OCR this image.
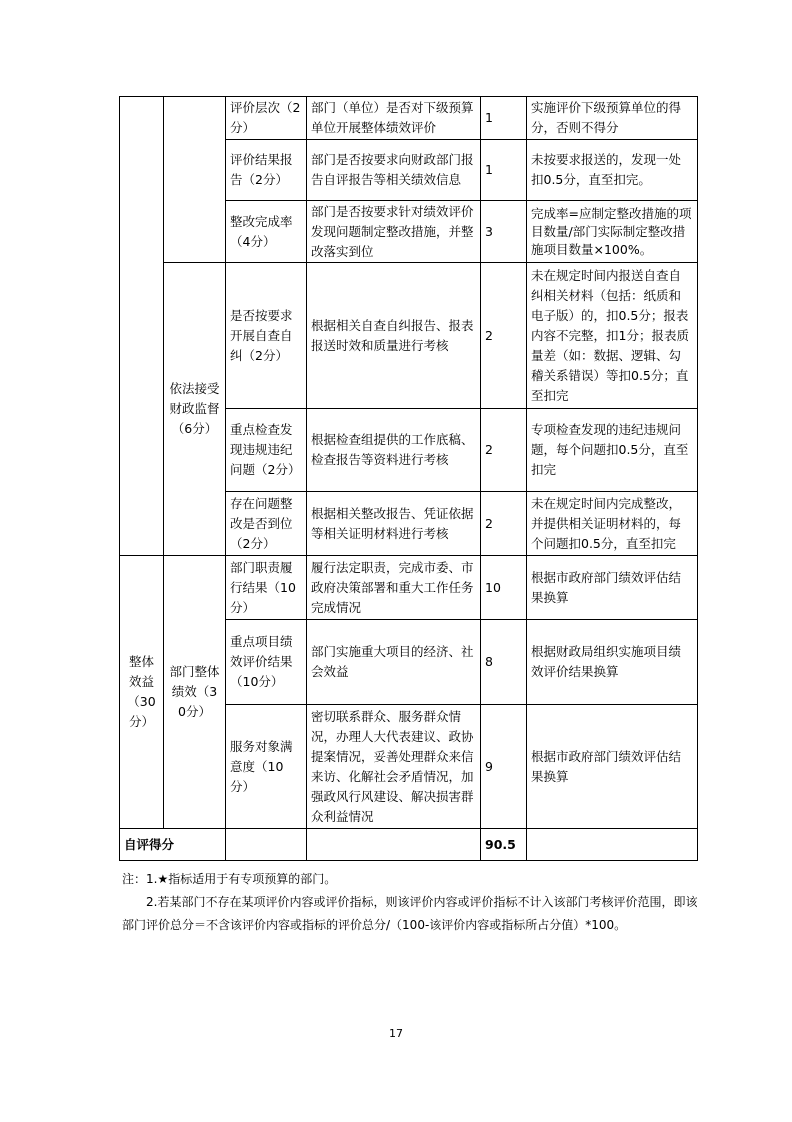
		评价层次（2分）	部门（单位）是否对下级预算单位开展整体绩效评价	1	实施评价下级预算单位的得分，否则不得分
		评价结果报告（2分）	部门是否按要求向财政部门报告自评报告等相关绩效信息	1	未按要求报送的，发现一处扣0.5分，直至扣完。
		整改完成率（4分）	部门是否按要求针对绩效评价发现问题制定整改措施，并整改落实到位	3	完成率=应制定整改措施的项目数量/部门实际制定整改措施项目数量×100%。
	依法接受财政监督（6分）	是否按要求开展自查自纠（2分）	根据相关自查自纠报告、报表报送时效和质量进行考核	2	未在规定时间内报送自查自纠相关材料（包括：纸质和电子版）的，扣0.5分；报表内容不完整，扣1分；报表质量差（如：数据、逻辑、勾稽关系错误）等扣0.5分；直至扣完
		重点检查发现违规违纪问题（2分）	根据检查组提供的工作底稿、检查报告等资料进行考核	2	专项检查发现的违纪违规问题，每个问题扣0.5分，直至扣完
		存在问题整改是否到位（2分）	根据相关整改报告、凭证依据等相关证明材料进行考核	2	未在规定时间内完成整改，并提供相关证明材料的，每个问题扣0.5分，直至扣完
整体效益（30分）	部门整体绩效（30分）	部门职责履行结果（10分）	履行法定职责，完成市委、市政府决策部署和重大工作任务完成情况	10	根据市政府部门绩效评估结果换算
		重点项目绩效评价结果（10分）	部门实施重大项目的经济、社会效益	8	根据财政局组织实施项目绩效评价结果换算
		服务对象满意度（10分）	密切联系群众、服务群众情况，办理人大代表建议、政协提案情况，妥善处理群众来信来访、化解社会矛盾情况，加强政风行风建设、解决损害群众利益情况	9	根据市政府部门绩效评估结果换算
自评得分				90.5	

注：1.★指标适用于有专项预算的部门。

2.若某部门不存在某项评价内容或评价指标，则该评价内容或评价指标不计入该部门考核评价范围，即该部门评价总分＝不含该评价内容或指标的评价总分/（100-该评价内容或指标所占分值）*100。

17
